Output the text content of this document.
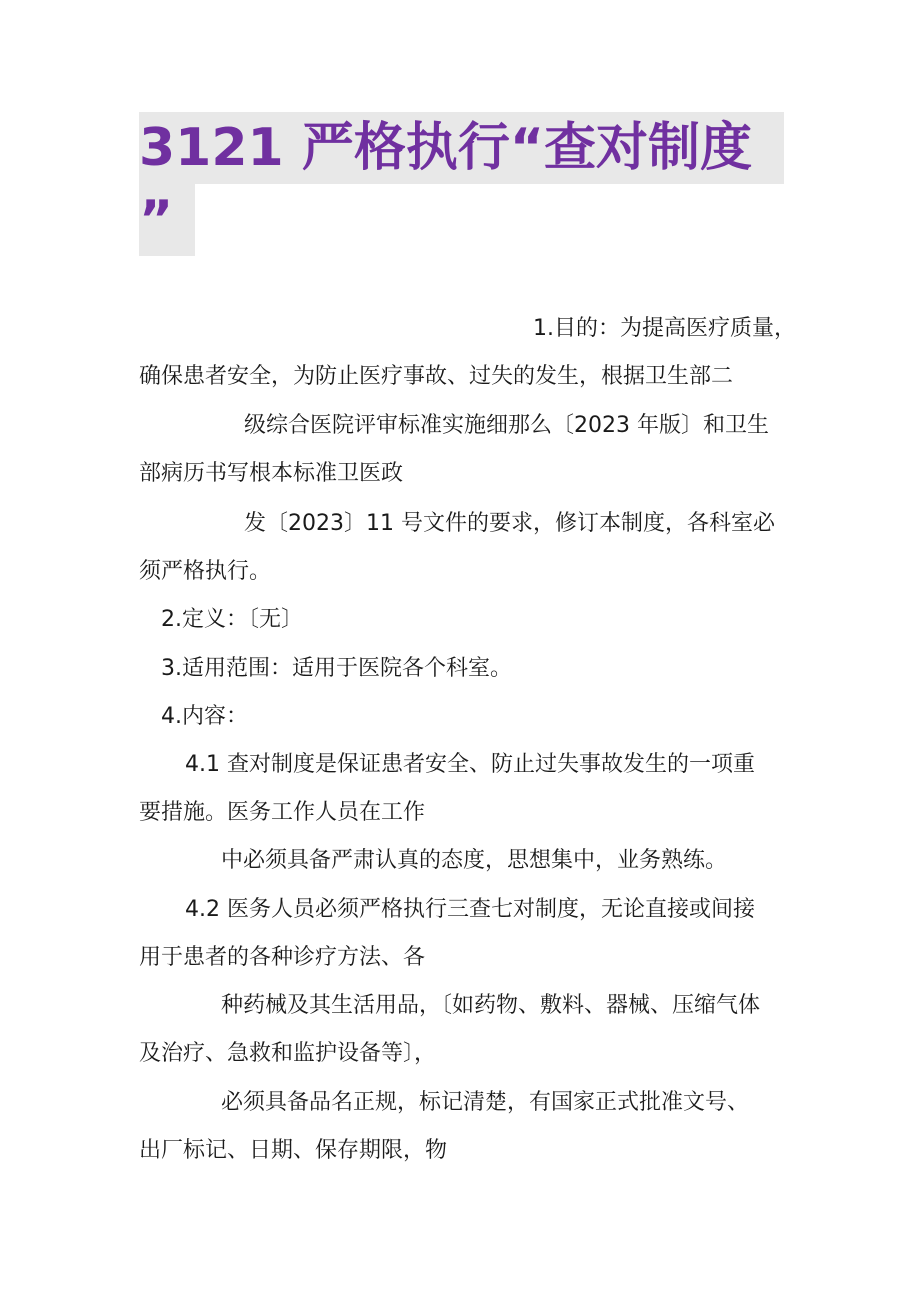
3121 严格执行“查对制度 ”
1.目的：为提高医疗质量，
确保患者安全，为防止医疗事故、过失的发生，根据卫生部二
级综合医院评审标准实施细那么〔2023 年版〕和卫生
部病历书写根本标准卫医政
发〔2023〕11 号文件的要求，修订本制度，各科室必
须严格执行。
2.定义：〔无〕
3.适用范围：适用于医院各个科室。
4.内容：
4.1 查对制度是保证患者安全、防止过失事故发生的一项重
要措施。医务工作人员在工作
中必须具备严肃认真的态度，思想集中，业务熟练。
4.2 医务人员必须严格执行三查七对制度，无论直接或间接
用于患者的各种诊疗方法、各
种药械及其生活用品，〔如药物、敷料、器械、压缩气体
及治疗、急救和监护设备等〕，
必须具备品名正规，标记清楚，有国家正式批准文号、
出厂标记、日期、保存期限，物
